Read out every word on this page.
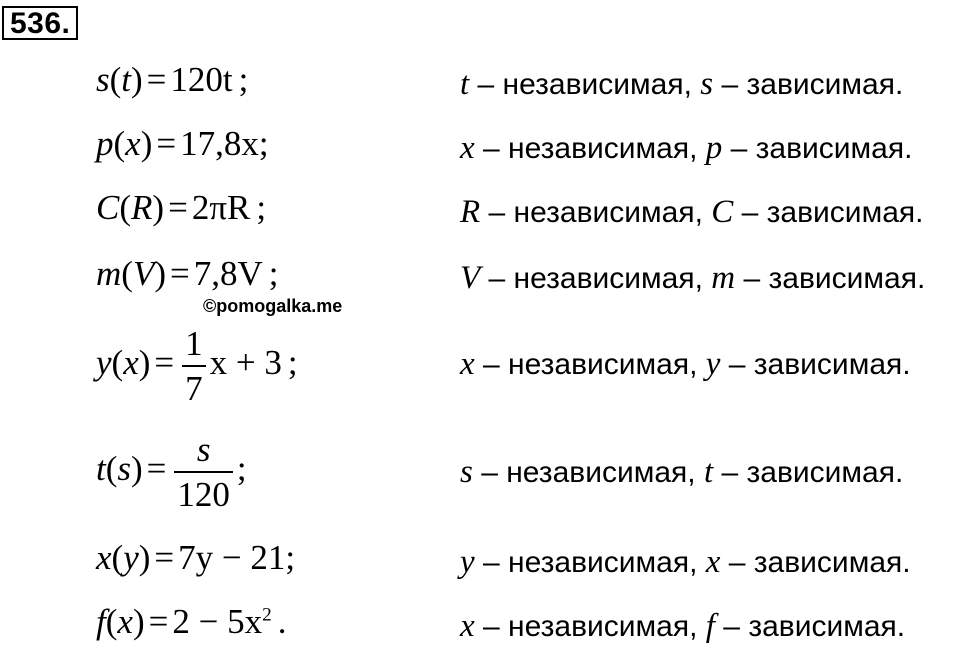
536.
s(t) = 120t ;	t – независимая, s – зависимая.
p(x) = 17,8x;	x – независимая, p – зависимая.
C(R) = 2πR ;	R – независимая, C – зависимая.
m(V) = 7,8V ;	V – независимая, m – зависимая.
©pomogalka.me
$y(x) = \frac{1}{7}$ x + 3 ;	x – независимая, y – зависимая.
$t(s) = \frac{s}{120}$ ;	s – независимая, t – зависимая.
x(y) = 7y − 21;	y – независимая, x – зависимая.
$f(x) = 2 - 5x^2$ .	x – независимая, f – зависимая.
